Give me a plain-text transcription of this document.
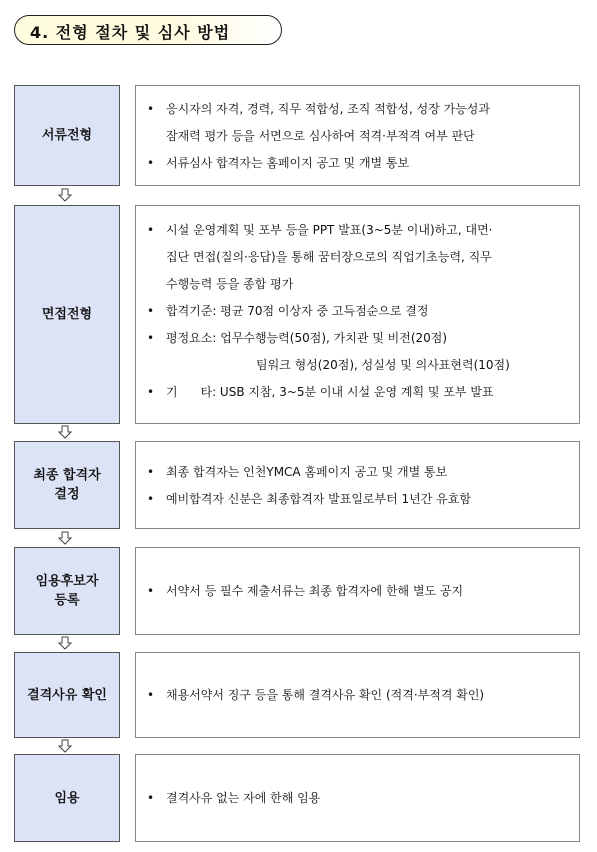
4. 전형 절차 및 심사 방법
서류전형
• 응시자의 자격, 경력, 직무 적합성, 조직 적합성, 성장 가능성과
잠재력 평가 등을 서면으로 심사하여 적격·부적격 여부 판단
• 서류심사 합격자는 홈페이지 공고 및 개별 통보
면접전형
• 시설 운영계획 및 포부 등을 PPT 발표(3~5분 이내)하고, 대면·
집단 면접(질의·응답)을 통해 꿈터장으로의 직업기초능력, 직무
수행능력 등을 종합 평가
• 합격기준: 평균 70점 이상자 중 고득점순으로 결정
• 평정요소: 업무수행능력(50점), 가치관 및 비전(20점)
팀워크 형성(20점), 성실성 및 의사표현력(10점)
• 기      타: USB 지참, 3~5분 이내 시설 운영 계획 및 포부 발표
최종 합격자
결정
• 최종 합격자는 인천YMCA 홈페이지 공고 및 개별 통보
• 예비합격자 신분은 최종합격자 발표일로부터 1년간 유효함
임용후보자
등록
• 서약서 등 필수 제출서류는 최종 합격자에 한해 별도 공지
결격사유 확인	• 채용서약서 징구 등을 통해 결격사유 확인 (적격·부적격 확인)
임용	• 결격사유 없는 자에 한해 임용
